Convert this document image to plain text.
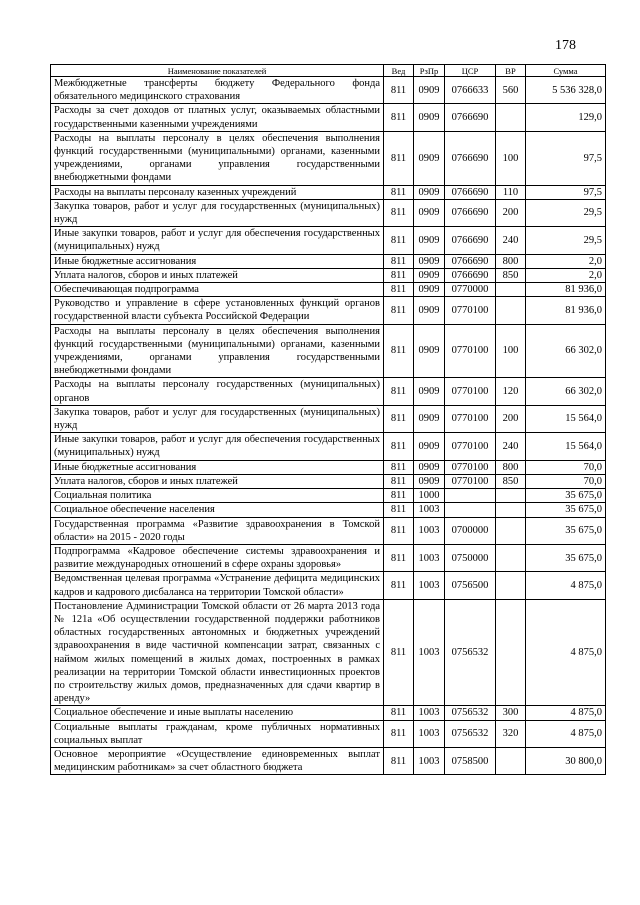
178
Наименование показателей	Вед	РзПр	ЦСР	ВР	Сумма
Межбюджетные трансферты бюджету Федерального фонда обязательного медицинского страхования	811	0909	0766633	560	5 536 328,0
Расходы за счет доходов от платных услуг, оказываемых областными государственными казенными учреждениями	811	0909	0766690		129,0
Расходы на выплаты персоналу в целях обеспечения выполнения функций государственными (муниципальными) органами, казенными учреждениями, органами управления государственными внебюджетными фондами	811	0909	0766690	100	97,5
Расходы на выплаты персоналу казенных учреждений	811	0909	0766690	110	97,5
Закупка товаров, работ и услуг для государственных (муниципальных) нужд	811	0909	0766690	200	29,5
Иные закупки товаров, работ и услуг для обеспечения государственных (муниципальных) нужд	811	0909	0766690	240	29,5
Иные бюджетные ассигнования	811	0909	0766690	800	2,0
Уплата налогов, сборов и иных платежей	811	0909	0766690	850	2,0
Обеспечивающая подпрограмма	811	0909	0770000		81 936,0
Руководство и управление в сфере установленных функций органов государственной власти субъекта Российской Федерации	811	0909	0770100		81 936,0
Расходы на выплаты персоналу в целях обеспечения выполнения функций государственными (муниципальными) органами, казенными учреждениями, органами управления государственными внебюджетными фондами	811	0909	0770100	100	66 302,0
Расходы на выплаты персоналу государственных (муниципальных) органов	811	0909	0770100	120	66 302,0
Закупка товаров, работ и услуг для государственных (муниципальных) нужд	811	0909	0770100	200	15 564,0
Иные закупки товаров, работ и услуг для обеспечения государственных (муниципальных) нужд	811	0909	0770100	240	15 564,0
Иные бюджетные ассигнования	811	0909	0770100	800	70,0
Уплата налогов, сборов и иных платежей	811	0909	0770100	850	70,0
Социальная политика	811	1000			35 675,0
Социальное обеспечение населения	811	1003			35 675,0
Государственная программа «Развитие здравоохранения в Томской области» на 2015 - 2020 годы	811	1003	0700000		35 675,0
Подпрограмма «Кадровое обеспечение системы здравоохранения и развитие международных отношений в сфере охраны здоровья»	811	1003	0750000		35 675,0
Ведомственная целевая программа «Устранение дефицита медицинских кадров и кадрового дисбаланса на территории Томской области»	811	1003	0756500		4 875,0
Постановление Администрации Томской области от 26 марта 2013 года № 121а «Об осуществлении государственной поддержки работников областных государственных автономных и бюджетных учреждений здравоохранения в виде частичной компенсации затрат, связанных с наймом жилых помещений в жилых домах, построенных в рамках реализации на территории Томской области инвестиционных проектов по строительству жилых домов, предназначенных для сдачи квартир в аренду»	811	1003	0756532		4 875,0
Социальное обеспечение и иные выплаты населению	811	1003	0756532	300	4 875,0
Социальные выплаты гражданам, кроме публичных нормативных социальных выплат	811	1003	0756532	320	4 875,0
Основное мероприятие «Осуществление единовременных выплат медицинским работникам» за счет областного бюджета	811	1003	0758500		30 800,0
